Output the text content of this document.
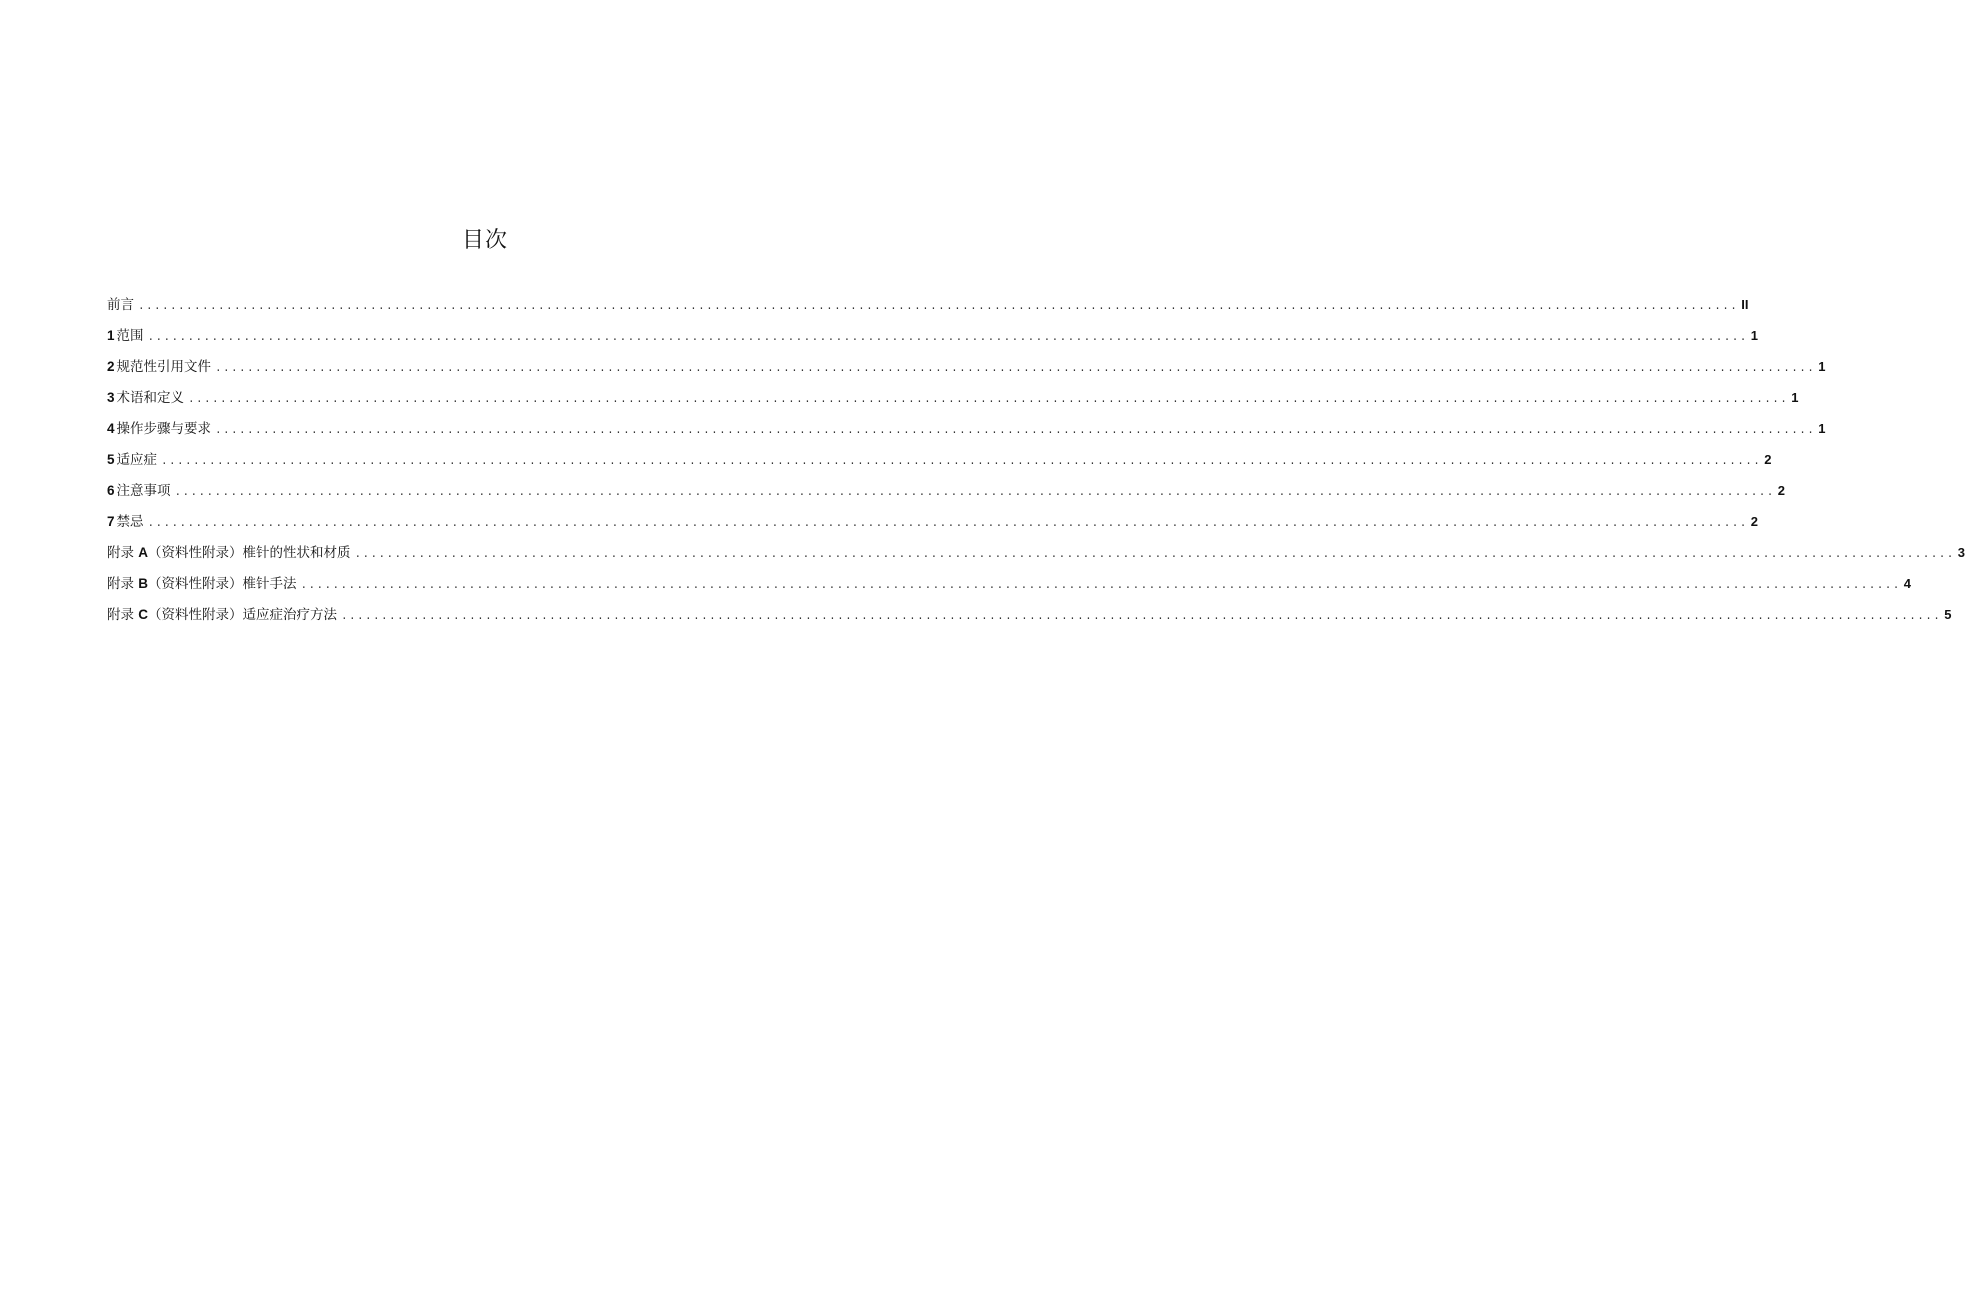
目次
前言 ........................................................................................................................................................................................................ II
1 范围 ........................................................................................................................................................................................................ 1
2 规范性引用文件 ........................................................................................................................................................................................................ 1
3 术语和定义 ........................................................................................................................................................................................................ 1
4 操作步骤与要求 ........................................................................................................................................................................................................ 1
5 适应症 ........................................................................................................................................................................................................ 2
6 注意事项 ........................................................................................................................................................................................................ 2
7 禁忌 ........................................................................................................................................................................................................ 2
附录 A（资料性附录）椎针的性状和材质 ........................................................................................................................................................................................................ 3
附录 B（资料性附录）椎针手法 ........................................................................................................................................................................................................ 4
附录 C（资料性附录）适应症治疗方法 ........................................................................................................................................................................................................ 5
